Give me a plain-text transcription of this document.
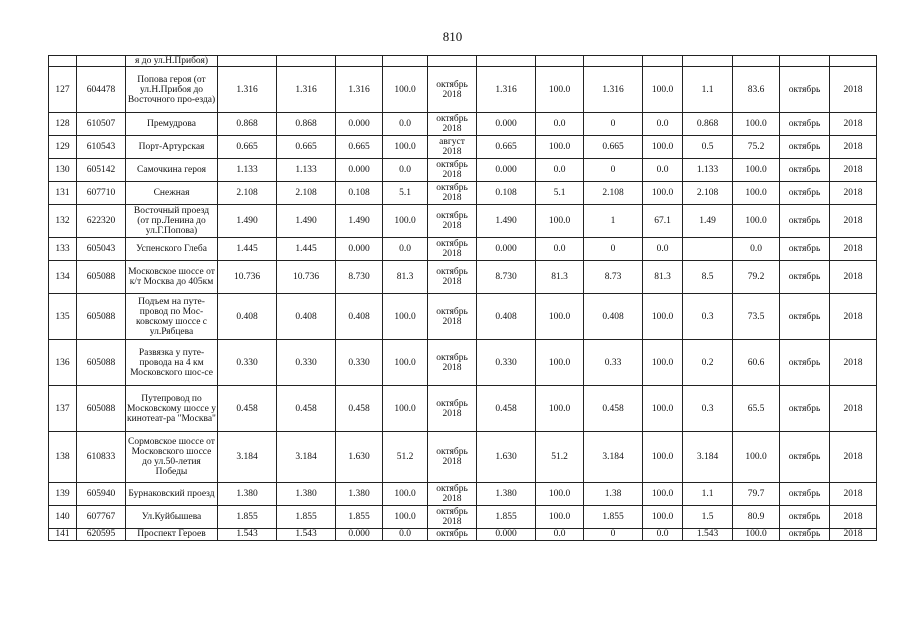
810
		я до ул.Н.Прибоя)													
127	604478	Попова героя (от ул.Н.Прибоя до Восточного про-езда)	1.316	1.316	1.316	100.0	октябрь 2018	1.316	100.0	1.316	100.0	1.1	83.6	октябрь	2018
128	610507	Премудрова	0.868	0.868	0.000	0.0	октябрь 2018	0.000	0.0	0	0.0	0.868	100.0	октябрь	2018
129	610543	Порт-Артурская	0.665	0.665	0.665	100.0	август 2018	0.665	100.0	0.665	100.0	0.5	75.2	октябрь	2018
130	605142	Самочкина героя	1.133	1.133	0.000	0.0	октябрь 2018	0.000	0.0	0	0.0	1.133	100.0	октябрь	2018
131	607710	Снежная	2.108	2.108	0.108	5.1	октябрь 2018	0.108	5.1	2.108	100.0	2.108	100.0	октябрь	2018
132	622320	Восточный проезд (от пр.Ленина до ул.Г.Попова)	1.490	1.490	1.490	100.0	октябрь 2018	1.490	100.0	1	67.1	1.49	100.0	октябрь	2018
133	605043	Успенского Глеба	1.445	1.445	0.000	0.0	октябрь 2018	0.000	0.0	0	0.0		0.0	октябрь	2018
134	605088	Московское шоссе от к/т Москва до 405км	10.736	10.736	8.730	81.3	октябрь 2018	8.730	81.3	8.73	81.3	8.5	79.2	октябрь	2018
135	605088	Подъем на путе-провод по Мос-ковскому шоссе с ул.Рябцева	0.408	0.408	0.408	100.0	октябрь 2018	0.408	100.0	0.408	100.0	0.3	73.5	октябрь	2018
136	605088	Развязка у путе-провода на 4 км Московского шос-се	0.330	0.330	0.330	100.0	октябрь 2018	0.330	100.0	0.33	100.0	0.2	60.6	октябрь	2018
137	605088	Путепровод по Московскому шоссе у кинотеат-ра "Москва"	0.458	0.458	0.458	100.0	октябрь 2018	0.458	100.0	0.458	100.0	0.3	65.5	октябрь	2018
138	610833	Сормовское шоссе от Московского шоссе до ул.50-летия Победы	3.184	3.184	1.630	51.2	октябрь 2018	1.630	51.2	3.184	100.0	3.184	100.0	октябрь	2018
139	605940	Бурнаковский проезд	1.380	1.380	1.380	100.0	октябрь 2018	1.380	100.0	1.38	100.0	1.1	79.7	октябрь	2018
140	607767	Ул.Куйбышева	1.855	1.855	1.855	100.0	октябрь 2018	1.855	100.0	1.855	100.0	1.5	80.9	октябрь	2018
141	620595	Проспект Героев	1.543	1.543	0.000	0.0	октябрь	0.000	0.0	0	0.0	1.543	100.0	октябрь	2018
